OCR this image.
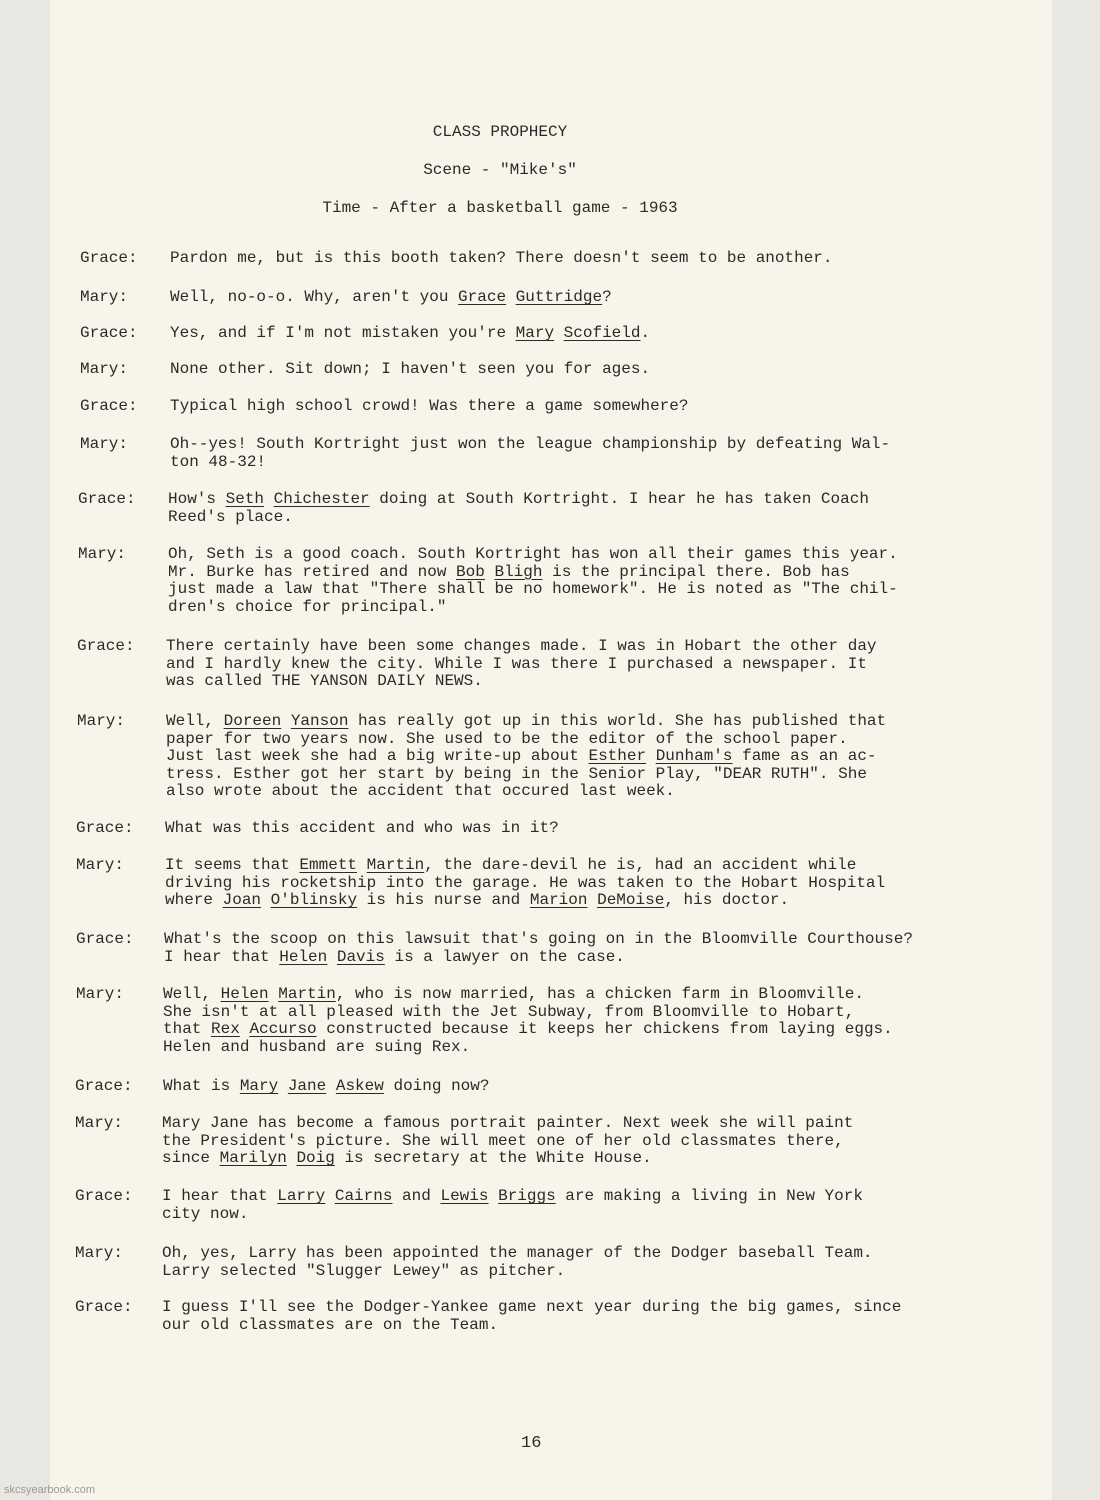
CLASS PROPHECY
Scene - "Mike's"
Time - After a basketball game - 1963
Grace: Pardon me, but is this booth taken? There doesn't seem to be another.
Mary:	Well, no-o-o. Why, aren't you Grace Guttridge?
Grace: Yes, and if I'm not mistaken you're Mary Scofield.
Mary:	None other. Sit down; I haven't seen you for ages.
Grace: Typical high school crowd! Was there a game somewhere?
Mary:	Oh--yes! South Kortright just won the league championship by defeating Wal-
ton 48-32!
Grace: How's Seth Chichester doing at South Kortright. I hear he has taken Coach
Reed's place.
Mary:	Oh, Seth is a good coach. South Kortright has won all their games this year.
Mr. Burke has retired and now Bob Bligh is the principal there. Bob has
just made a law that "There shall be no homework". He is noted as "The chil-
dren's choice for principal."
Grace: There certainly have been some changes made. I was in Hobart the other day
and I hardly knew the city. While I was there I purchased a newspaper. It
was called THE YANSON DAILY NEWS.
Mary:	Well, Doreen Yanson has really got up in this world. She has published that
paper for two years now. She used to be the editor of the school paper.
Just last week she had a big write-up about Esther Dunham's fame as an ac-
tress. Esther got her start by being in the Senior Play, "DEAR RUTH". She
also wrote about the accident that occured last week.
Grace: What was this accident and who was in it?
Mary:	It seems that Emmett Martin, the dare-devil he is, had an accident while
driving his rocketship into the garage. He was taken to the Hobart Hospital
where Joan O'blinsky is his nurse and Marion DeMoise, his doctor.
Grace: What's the scoop on this lawsuit that's going on in the Bloomville Courthouse?
I hear that Helen Davis is a lawyer on the case.
Mary: Well, Helen Martin, who is now married, has a chicken farm in Bloomville.
She isn't at all pleased with the Jet Subway, from Bloomville to Hobart,
that Rex Accurso constructed because it keeps her chickens from laying eggs.
Helen and husband are suing Rex.
Grace: What is Mary Jane Askew doing now?
Mary: Mary Jane has become a famous portrait painter. Next week she will paint
the President's picture. She will meet one of her old classmates there,
since Marilyn Doig is secretary at the White House.
Grace: I hear that Larry Cairns and Lewis Briggs are making a living in New York
city now.
Mary: Oh, yes, Larry has been appointed the manager of the Dodger baseball Team.
Larry selected "Slugger Lewey" as pitcher.
Grace: I guess I'll see the Dodger-Yankee game next year during the big games, since
our old classmates are on the Team.
16
skcsyearbook.com
